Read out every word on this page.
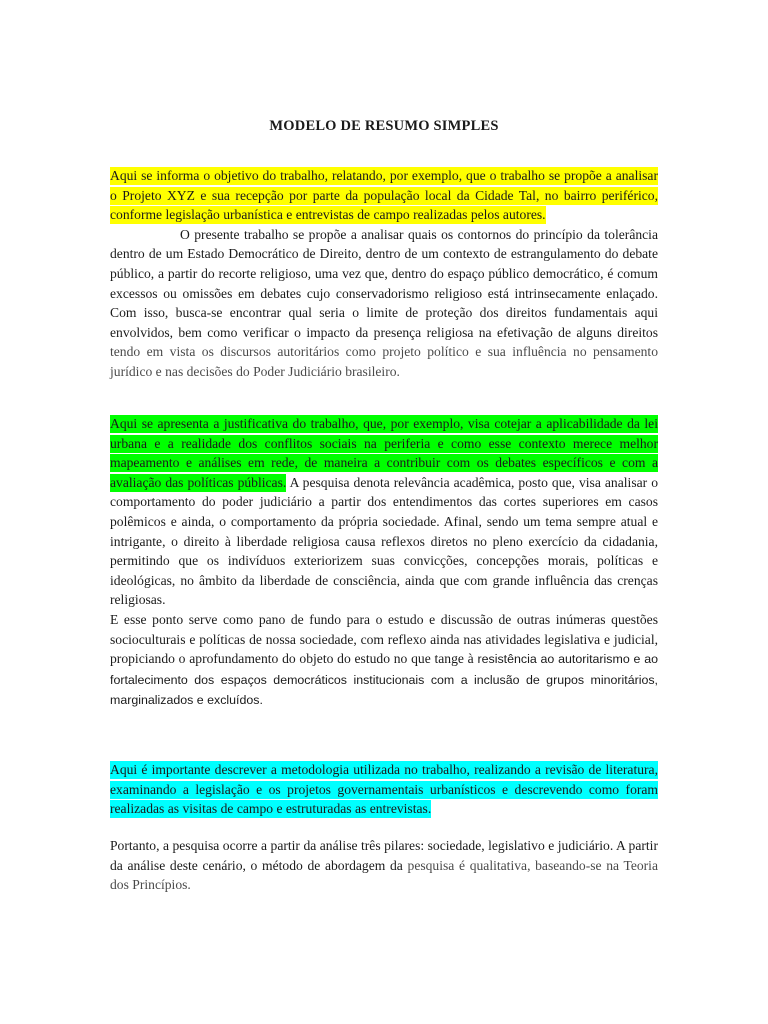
MODELO DE RESUMO SIMPLES
Aqui se informa o objetivo do trabalho, relatando, por exemplo, que o trabalho se propõe a analisar o Projeto XYZ e sua recepção por parte da população local da Cidade Tal, no bairro periférico, conforme legislação urbanística e entrevistas de campo realizadas pelos autores.
O presente trabalho se propõe a analisar quais os contornos do princípio da tolerância dentro de um Estado Democrático de Direito, dentro de um contexto de estrangulamento do debate público, a partir do recorte religioso, uma vez que, dentro do espaço público democrático, é comum excessos ou omissões em debates cujo conservadorismo religioso está intrinsecamente enlaçado. Com isso, busca-se encontrar qual seria o limite de proteção dos direitos fundamentais aqui envolvidos, bem como verificar o impacto da presença religiosa na efetivação de alguns direitos tendo em vista os discursos autoritários como projeto político e sua influência no pensamento jurídico e nas decisões do Poder Judiciário brasileiro.
Aqui se apresenta a justificativa do trabalho, que, por exemplo, visa cotejar a aplicabilidade da lei urbana e a realidade dos conflitos sociais na periferia e como esse contexto merece melhor mapeamento e análises em rede, de maneira a contribuir com os debates específicos e com a avaliação das políticas públicas. A pesquisa denota relevância acadêmica, posto que, visa analisar o comportamento do poder judiciário a partir dos entendimentos das cortes superiores em casos polêmicos e ainda, o comportamento da própria sociedade. Afinal, sendo um tema sempre atual e intrigante, o direito à liberdade religiosa causa reflexos diretos no pleno exercício da cidadania, permitindo que os indivíduos exteriorizem suas convicções, concepções morais, políticas e ideológicas, no âmbito da liberdade de consciência, ainda que com grande influência das crenças religiosas.
E esse ponto serve como pano de fundo para o estudo e discussão de outras inúmeras questões socioculturais e políticas de nossa sociedade, com reflexo ainda nas atividades legislativa e judicial, propiciando o aprofundamento do objeto do estudo no que tange à resistência ao autoritarismo e ao fortalecimento dos espaços democráticos institucionais com a inclusão de grupos minoritários, marginalizados e excluídos.
Aqui é importante descrever a metodologia utilizada no trabalho, realizando a revisão de literatura, examinando a legislação e os projetos governamentais urbanísticos e descrevendo como foram realizadas as visitas de campo e estruturadas as entrevistas.
Portanto, a pesquisa ocorre a partir da análise três pilares: sociedade, legislativo e judiciário. A partir da análise deste cenário, o método de abordagem da pesquisa é qualitativa, baseando-se na Teoria dos Princípios.
